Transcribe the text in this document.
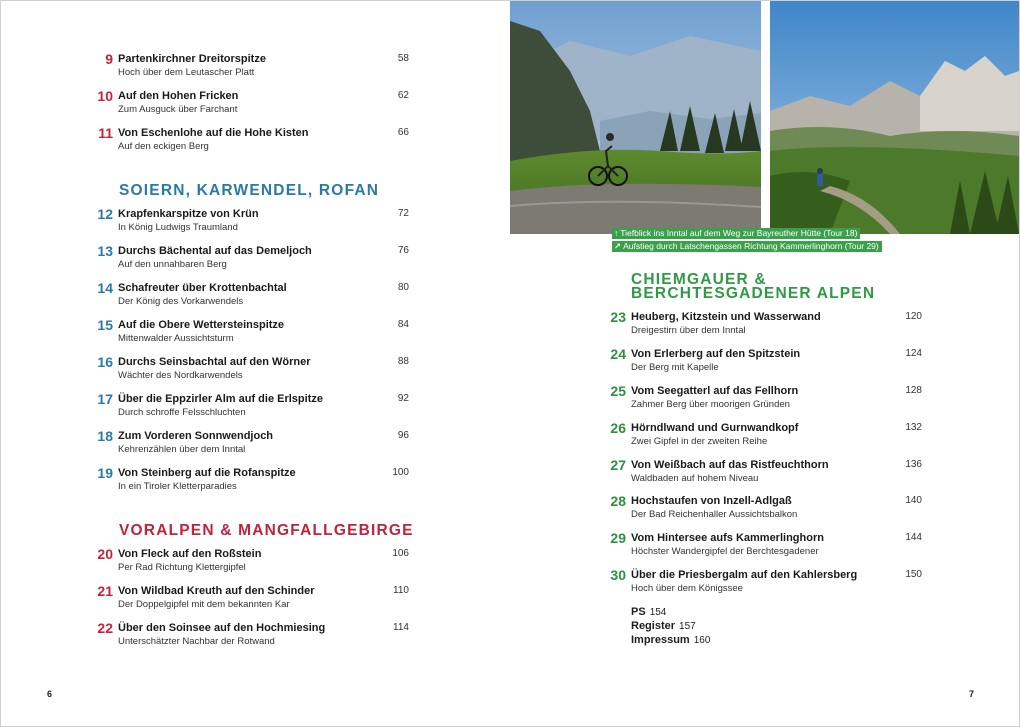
9 Partenkirchner Dreitorspitze
Hoch über dem Leutascher Platt
58
10 Auf den Hohen Fricken
Zum Ausguck über Farchant
62
11 Von Eschenlohe auf die Hohe Kisten
Auf den eckigen Berg
66
SOIERN, KARWENDEL, ROFAN
12 Krapfenkarspitze von Krün
In König Ludwigs Traumland
72
13 Durchs Bächental auf das Demeljoch
Auf den unnahbaren Berg
76
14 Schafreuter über Krottenbachtal
Der König des Vorkarwendels
80
15 Auf die Obere Wettersteinspitze
Mittenwalder Aussichtsturm
84
16 Durchs Seinsbachtal auf den Wörner
Wächter des Nordkarwendels
88
17 Über die Eppzirler Alm auf die Erlspitze
Durch schroffe Felsschluchten
92
18 Zum Vorderen Sonnwendjoch
Kehrenzählen über dem Inntal
96
19 Von Steinberg auf die Rofanspitze
In ein Tiroler Kletterparadies
100
VORALPEN & MANGFALLGEBIRGE
20 Von Fleck auf den Roßstein
Per Rad Richtung Klettergipfel
106
21 Von Wildbad Kreuth auf den Schinder
Der Doppelgipfel mit dem bekannten Kar
110
22 Über den Soinsee auf den Hochmiesing
Unterschätzter Nachbar der Rotwand
114
6
↑ Tiefblick ins Inntal auf dem Weg zur Bayreuther Hütte (Tour 18)
↗ Aufstieg durch Latschengassen Richtung Kammerlinghorn (Tour 29)
CHIEMGAUER &
BERCHTESGADENER ALPEN
23 Heuberg, Kitzstein und Wasserwand
Dreigestirn über dem Inntal
120
24 Von Erlerberg auf den Spitzstein
Der Berg mit Kapelle
124
25 Vom Seegatterl auf das Fellhorn
Zahmer Berg über moorigen Gründen
128
26 Hörndlwand und Gurnwandkopf
Zwei Gipfel in der zweiten Reihe
132
27 Von Weißbach auf das Ristfeuchthorn
Waldbaden auf hohem Niveau
136
28 Hochstaufen von Inzell-Adlgaß
Der Bad Reichenhaller Aussichtsbalkon
140
29 Vom Hintersee aufs Kammerlinghorn
Höchster Wandergipfel der Berchtesgadener
144
30 Über die Priesbergalm auf den Kahlersberg
Hoch über dem Königssee
150
PS 154
Register 157
Impressum 160
7
